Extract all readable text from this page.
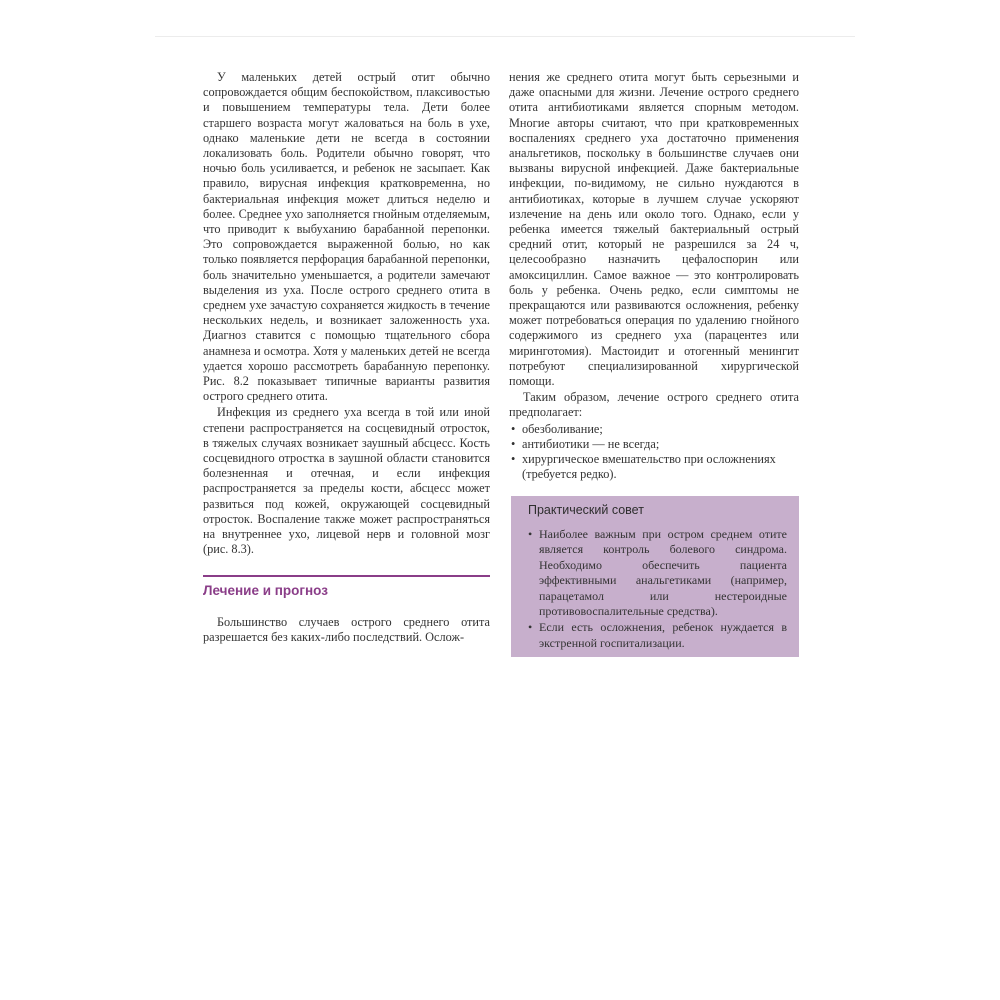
У маленьких детей острый отит обычно сопровождается общим беспокойством, плаксивостью и повышением температуры тела. Дети более старшего возраста могут жаловаться на боль в ухе, однако маленькие дети не всегда в состоянии локализовать боль. Родители обычно говорят, что ночью боль усиливается, и ребенок не засыпает. Как правило, вирусная инфекция кратковременна, но бактериальная инфекция может длиться неделю и более. Среднее ухо заполняется гнойным отделяемым, что приводит к выбуханию барабанной перепонки. Это сопровождается выраженной болью, но как только появляется перфорация барабанной перепонки, боль значительно уменьшается, а родители замечают выделения из уха. После острого среднего отита в среднем ухе зачастую сохраняется жидкость в течение нескольких недель, и возникает заложенность уха. Диагноз ставится с помощью тщательного сбора анамнеза и осмотра. Хотя у маленьких детей не всегда удается хорошо рассмотреть барабанную перепонку. Рис. 8.2 показывает типичные варианты развития острого среднего отита.

Инфекция из среднего уха всегда в той или иной степени распространяется на сосцевидный отросток, в тяжелых случаях возникает заушный абсцесс. Кость сосцевидного отростка в заушной области становится болезненная и отечная, и если инфекция распространяется за пределы кости, абсцесс может развиться под кожей, окружающей сосцевидный отросток. Воспаление также может распространяться на внутреннее ухо, лицевой нерв и головной мозг (рис. 8.3).

Лечение и прогноз

Большинство случаев острого среднего отита разрешается без каких-либо последствий. Ослож-

нения же среднего отита могут быть серьезными и даже опасными для жизни. Лечение острого среднего отита антибиотиками является спорным методом. Многие авторы считают, что при кратковременных воспалениях среднего уха достаточно применения анальгетиков, поскольку в большинстве случаев они вызваны вирусной инфекцией. Даже бактериальные инфекции, по-видимому, не сильно нуждаются в антибиотиках, которые в лучшем случае ускоряют излечение на день или около того. Однако, если у ребенка имеется тяжелый бактериальный острый средний отит, который не разрешился за 24 ч, целесообразно назначить цефалоспорин или амоксициллин. Самое важное — это контролировать боль у ребенка. Очень редко, если симптомы не прекращаются или развиваются осложнения, ребенку может потребоваться операция по удалению гнойного содержимого из среднего уха (парацентез или миринготомия). Мастоидит и отогенный менингит потребуют специализированной хирургической помощи.

Таким образом, лечение острого среднего отита предполагает:

• обезболивание;
• антибиотики — не всегда;
• хирургическое вмешательство при осложнениях (требуется редко).
Практический совет
• Наиболее важным при остром среднем отите является контроль болевого синдрома. Необходимо обеспечить пациента эффективными анальгетиками (например, парацетамол или нестероидные противовоспалительные средства).
• Если есть осложнения, ребенок нуждается в экстренной госпитализации.
